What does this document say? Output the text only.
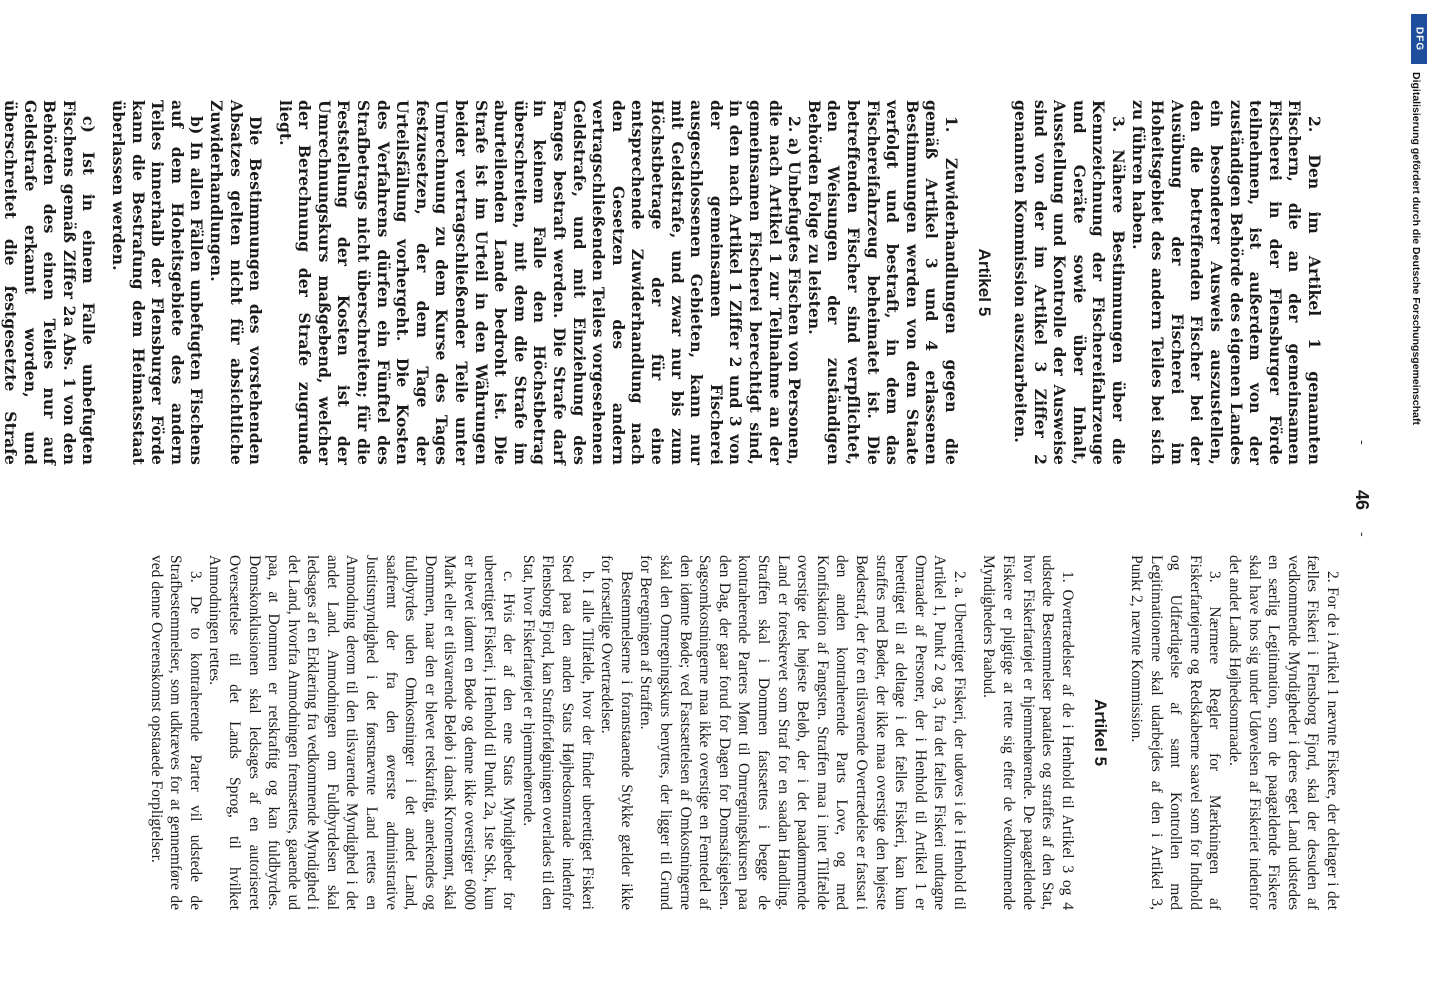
-
46
-

2. Den im Artikel 1 genannten Fischern, die an der gemeinsamen Fischerei in der Flensburger Förde teilnehmen, ist außerdem von der zuständigen Behörde des eigenen Landes ein besonderer Ausweis auszustellen, den die betreffenden Fischer bei der Ausübung der Fischerei im Hoheitsgebiet des andern Teiles bei sich zu führen haben.

3. Nähere Bestimmungen über die Kennzeichnung der Fischereifahrzeuge und Geräte sowie über Inhalt, Ausstellung und Kontrolle der Ausweise sind von der im Artikel 3 Ziffer 2 genannten Kommission auszuarbeiten.

Artikel 5

1. Zuwiderhandlungen gegen die gemäß Artikel 3 und 4 erlassenen Bestimmungen werden von dem Staate verfolgt und bestraft, in dem das Fischereifahrzeug beheimatet ist. Die betreffenden Fischer sind verpflichtet, den Weisungen der zuständigen Behörden Folge zu leisten.

2. a) Unbefugtes Fischen von Personen, die nach Artikel 1 zur Teilnahme an der gemeinsamen Fischerei berechtigt sind, in den nach Artikel 1 Ziffer 2 und 3 von der gemeinsamen Fischerei ausgeschlossenen Gebieten, kann nur mit Geldstrafe, und zwar nur bis zum Höchstbetrage der für eine entsprechende Zuwiderhandlung nach den Gesetzen des andern vertragschließenden Teiles vorgesehenen Geldstrafe, und mit Einziehung des Fanges bestraft werden. Die Strafe darf in keinem Falle den Höchstbetrag überschreiten, mit dem die Strafe im aburteilenden Lande bedroht ist. Die Strafe ist im Urteil in den Währungen beider vertragschließender Teile unter Umrechnung zu dem Kurse des Tages festzusetzen, der dem Tage der Urteilsfällung vorhergeht. Die Kosten des Verfahrens dürfen ein Fünftel des Strafbetrags nicht überschreiten; für die Feststellung der Kosten ist der Umrechnungskurs maßgebend, welcher der Berechnung der Strafe zugrunde liegt.

Die Bestimmungen des vorstehenden Absatzes gelten nicht für absichtliche Zuwiderhandlungen.

b) In allen Fällen unbefugten Fischens auf dem Hoheitsgebiete des andern Teiles innerhalb der Flensburger Förde kann die Bestrafung dem Heimatsstaat überlassen werden.

c) Ist in einem Falle unbefugten Fischens gemäß Ziffer 2a Abs. 1 von den Behörden des einen Teiles nur auf Geldstrafe erkannt worden, und überschreitet die festgesetzte Strafe

2. For de i Artikel 1 nævnte Fiskere, der deltager i det fælles Fiskeri i Flensborg Fjord, skal der desuden af vedkommende Myndigheder i deres eget Land udstedes en særlig Legitimation, som de paagældende Fiskere skal have hos sig under Udøvelsen af Fiskeriet indenfor det andet Lands Højhedsomraade.

3. Nærmere Regler for Mærkningen af Fiskerfartøjerne og Redskaberne saavel som for Indhold og Udfærdigelse af samt Kontrollen med Legitimationerne skal udarbejdes af den i Artikel 3, Punkt 2, nævnte Kommission.

Artikel 5

1. Overtrædelser af de i Henhold til Artikel 3 og 4 udstedte Bestemmelser paatales og straffes af den Stat, hvor Fiskerfartøjet er hjemmehørende. De paagældende Fiskere er pligtige at rette sig efter de vedkommende Myndigheders Paabud.

2. a. Uberettiget Fiskeri, der udøves i de i Henhold til Artikel 1, Punkt 2 og 3, fra det fælles Fiskeri undtagne Omraader af Personer, der i Henhold til Artikel 1 er berettiget til at deltage i det fælles Fiskeri, kan kun straffes med Bøder, der ikke maa overstige den højeste Bødestraf, der for en tilsvarende Overtrædelse er fastsat i den anden kontraherende Parts Love, og med Konfiskation af Fangsten. Straffen maa i intet Tilfælde overstige det højeste Beløb, der i det paadømmende Land er foreskrevet som Straf for en saadan Handling. Straffen skal i Dommen fastsættes i begge de kontraherende Parters Mønt til Omregningskursen paa den Dag, der gaar forud for Dagen for Domsafsigelsen. Sagsomkostningerne maa ikke overstige en Femtedel af den idømte Bøde; ved Fastsættelsen af Omkostningerne skal den Omregningskurs benyttes, der ligger til Grund for Beregningen af Straffen.

Bestemmelserne i foranstaaende Stykke gælder ikke for forsætlige Overtrædelser.

b. I alle Tilfælde, hvor der finder uberettiget Fiskeri Sted paa den anden Stats Højhedsomraade indenfor Flensborg Fjord, kan Strafforfølgningen overlades til den Stat, hvor Fiskerfartøjet er hjemmehørende.

c. Hvis der af den ene Stats Myndigheder for uberettiget Fiskeri, i Henhold til Punkt 2a, 1ste Stk., kun er blevet idømt en Bøde og denne ikke overstiger 6000 Mark eller et tilsvarende Beløb i dansk Kronemønt, skal Dommen, naar den er blevet retskraftig, anerkendes og fuldbyrdes uden Omkostninger i det andet Land, saafremt der fra den øverste administrative Justitsmyndighed i det førstnævnte Land rettes en Anmodning derom til den tilsvarende Myndighed i det andet Land. Anmodningen om Fuldbyrdelsen skal ledsages af en Erklæring fra vedkommende Myndighed i det Land, hvorfra Anmodningen fremsættes, gaaende ud paa, at Dommen er retskraftig og kan fuldbyrdes. Domskonklusionen skal ledsages af en autoriseret Oversættelse til det Lands Sprog, til hvilket Anmodningen rettes.

3. De to kontraherende Parter vil udstede de Strafbestemmelser, som udkræves for at gennemføre de ved denne Overenskomst opstaaede Forpligtelser.

DFG
Digitalisierung gefördert durch die Deutsche Forschungsgemeinschaft
